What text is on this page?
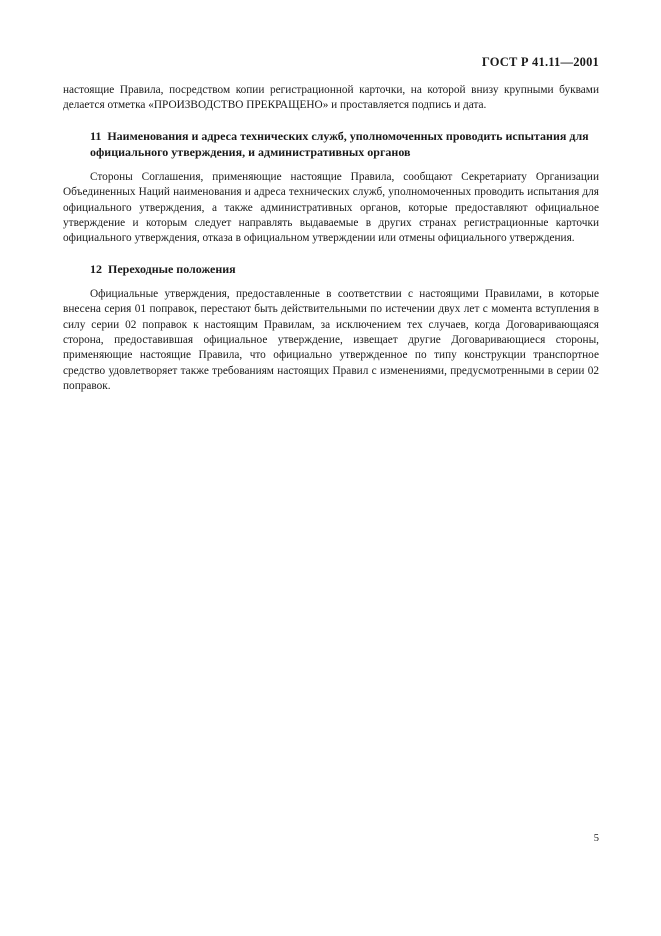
ГОСТ Р 41.11—2001

настоящие Правила, посредством копии регистрационной карточки, на которой внизу крупными буквами делается отметка «ПРОИЗВОДСТВО ПРЕКРАЩЕНО» и проставляется подпись и дата.

11 Наименования и адреса технических служб, уполномоченных проводить испытания для официального утверждения, и административных органов

Стороны Соглашения, применяющие настоящие Правила, сообщают Секретариату Организации Объединенных Наций наименования и адреса технических служб, уполномоченных проводить испытания для официального утверждения, а также административных органов, которые предоставляют официальное утверждение и которым следует направлять выдаваемые в других странах регистрационные карточки официального утверждения, отказа в официальном утверждении или отмены официального утверждения.

12 Переходные положения

Официальные утверждения, предоставленные в соответствии с настоящими Правилами, в которые внесена серия 01 поправок, перестают быть действительными по истечении двух лет с момента вступления в силу серии 02 поправок к настоящим Правилам, за исключением тех случаев, когда Договаривающаяся сторона, предоставившая официальное утверждение, извещает другие Договаривающиеся стороны, применяющие настоящие Правила, что официально утвержденное по типу конструкции транспортное средство удовлетворяет также требованиям настоящих Правил с изменениями, предусмотренными в серии 02 поправок.

5
